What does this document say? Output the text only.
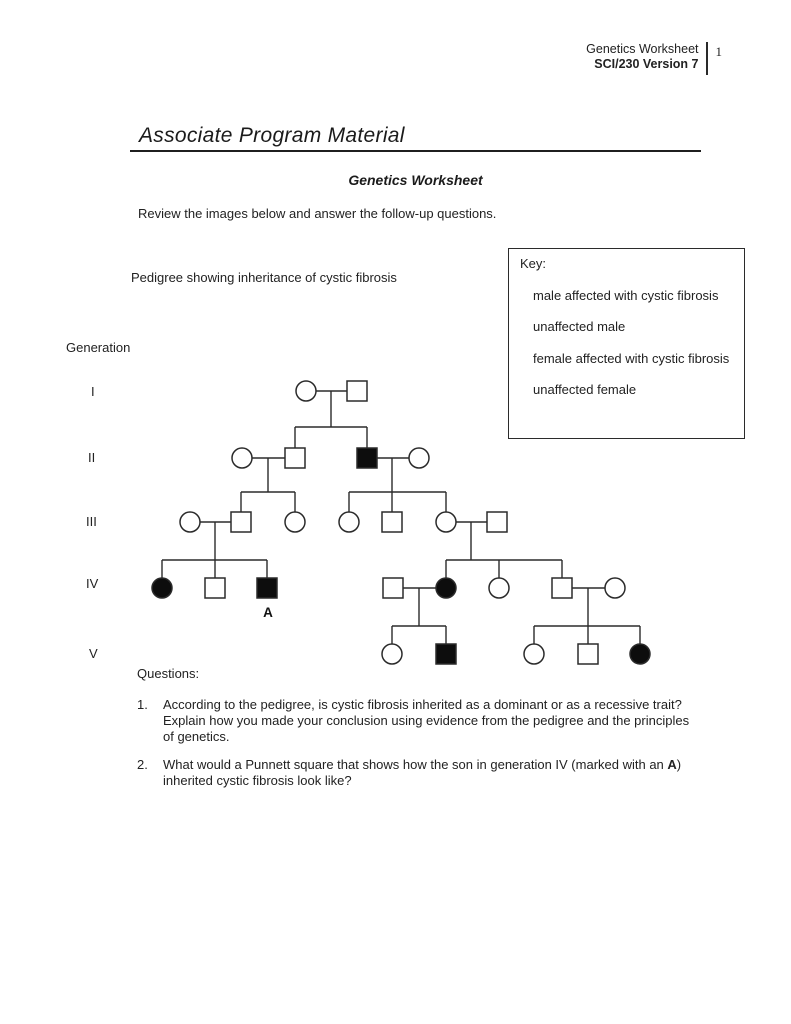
Genetics Worksheet
SCI/230 Version 7
1
Associate Program Material
Genetics Worksheet
Review the images below and answer the follow-up questions.
Key:
male affected with cystic fibrosis
unaffected male
female affected with cystic fibrosis
unaffected female
Pedigree showing inheritance of cystic fibrosis
Generation
I
II
III
IV
V
A
Questions:
1.	According to the pedigree, is cystic fibrosis inherited as a dominant or as a recessive trait?
Explain how you made your conclusion using evidence from the pedigree and the principles
of genetics.
2.	What would a Punnett square that shows how the son in generation IV (marked with an A)
inherited cystic fibrosis look like?
